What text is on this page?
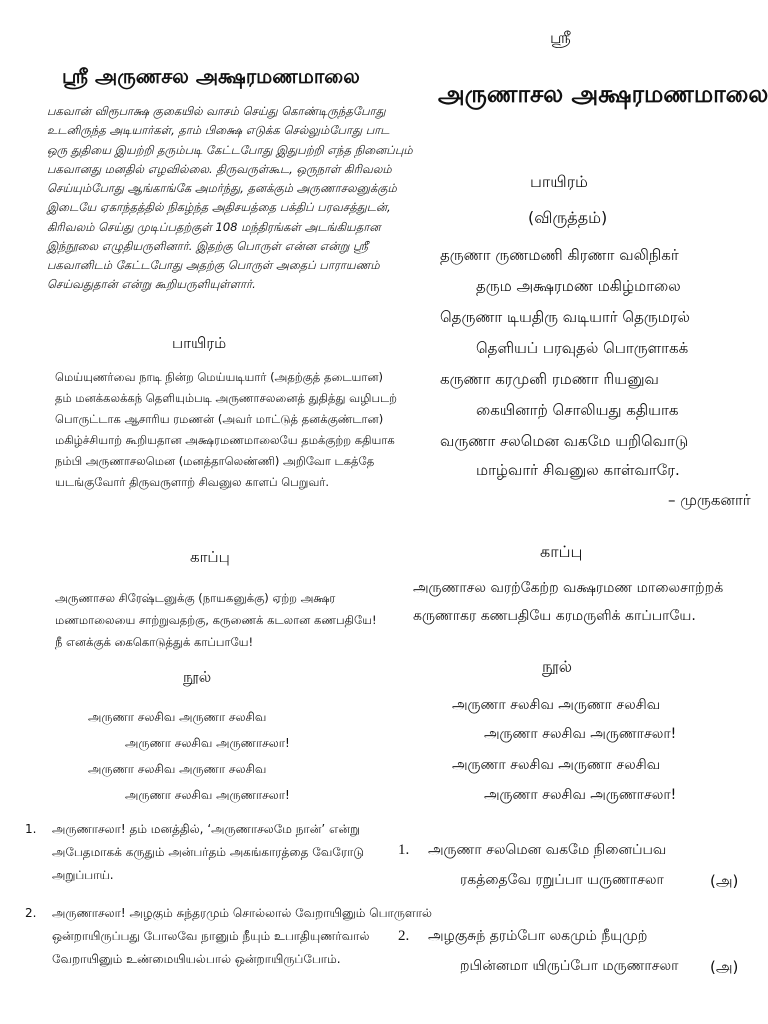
ஸ்ரீ அருணசல அக்ஷரமணமாலை
பகவான் விரூபாக்ஷ குகையில் வாசம் செய்து கொண்டிருந்தபோது
உடனிருந்த அடியார்கள், தாம் பிக்ஷை எடுக்க செல்லும்போது பாட
ஒரு துதியை இயற்றி தரும்படி கேட்டபோது இதுபற்றி எந்த நினைப்பும்
பகவானது மனதில் எழவில்லை. திருவருள்கூட, ஒருநாள் கிரிவலம்
செய்யும்போது ஆங்காங்கே அமர்ந்து, தனக்கும் அருணாசலனுக்கும்
இடையே ஏகாந்தத்தில் நிகழ்ந்த அதிசயத்தை பக்திப் பரவசத்துடன்,
கிரிவலம் செய்து முடிப்பதற்குள் 108 மந்திரங்கள் அடங்கியதான
இந்நூலை எழுதியருளினார். இதற்கு பொருள் என்ன என்று ஸ்ரீ
பகவானிடம் கேட்டபோது அதற்கு பொருள் அதைப் பாராயணம்
செய்வதுதான் என்று கூறியருளியுள்ளார்.
பாயிரம்
மெய்யுணர்வை நாடி நின்ற மெய்யடியார் (அதற்குத் தடையான)
தம் மனக்கலக்கந் தெளியும்படி அருணாசலனைத் துதித்து வழிபடற்
பொருட்டாக ஆசாரிய ரமணன் (அவர் மாட்டுத் தனக்குண்டான)
மகிழ்ச்சியாற் கூறியதான அக்ஷரமணமாலையே தமக்குற்ற கதியாக
நம்பி அருணாசலமென (மனத்தாலெண்ணி) அறிவோ டகத்தே
யடங்குவோர் திருவருளாற் சிவனுல காளப் பெறுவர்.
காப்பு
அருணாசல சிரேஷ்டனுக்கு (நாயகனுக்கு) ஏற்ற அக்ஷர
மணமாலையை சாற்றுவதற்கு, கருணைக் கடலான கணபதியே!
நீ எனக்குக் கைகொடுத்துக் காப்பாயே!
நூல்
அருணா சலசிவ அருணா சலசிவ
அருணா சலசிவ அருணாசலா!
அருணா சலசிவ அருணா சலசிவ
அருணா சலசிவ அருணாசலா!
1. அருணாசலா! தம் மனத்தில், ‘அருணாசலமே நான்’ என்று
அபேதமாகக் கருதும் அன்பர்தம் அகங்காரத்தை வேரோடு
அறுப்பாய்.
2. அருணாசலா! அழகும் சுந்தரமும் சொல்லால் வேறாயினும் பொருளால்
ஒன்றாயிருப்பது போலவே நானும் நீயும் உபாதியுணர்வால்
வேறாயினும் உண்மையியல்பால் ஒன்றாயிருப்போம்.
ஸ்ரீ
அருணாசல அக்ஷரமணமாலை
பாயிரம்
(விருத்தம்)
தருணா ருணமணி கிரணா வலிநிகர்
தரும அக்ஷரமண மகிழ்மாலை
தெருணா டியதிரு வடியார் தெருமரல்
தெளியப் பரவுதல் பொருளாகக்
கருணா கரமுனி ரமணா ரியனுவ
கையினாற் சொலியது கதியாக
வருணா சலமென வகமே யறிவொடு
மாழ்வார் சிவனுல காள்வாரே.
– முருகனார்
காப்பு
அருணாசல வரற்கேற்ற வக்ஷரமண மாலைசாற்றக்
கருணாகர கணபதியே கரமருளிக் காப்பாயே.
நூல்
அருணா சலசிவ அருணா சலசிவ
அருணா சலசிவ அருணாசலா!
அருணா சலசிவ அருணா சலசிவ
அருணா சலசிவ அருணாசலா!
1. அருணா சலமென வகமே நினைப்பவ
ரகத்தைவே ரறுப்பா யருணாசலா	(அ)
2. அழகுசுந் தரம்போ லகமும் நீயுமுற்
றபின்னமா யிருப்போ மருணாசலா (அ)
